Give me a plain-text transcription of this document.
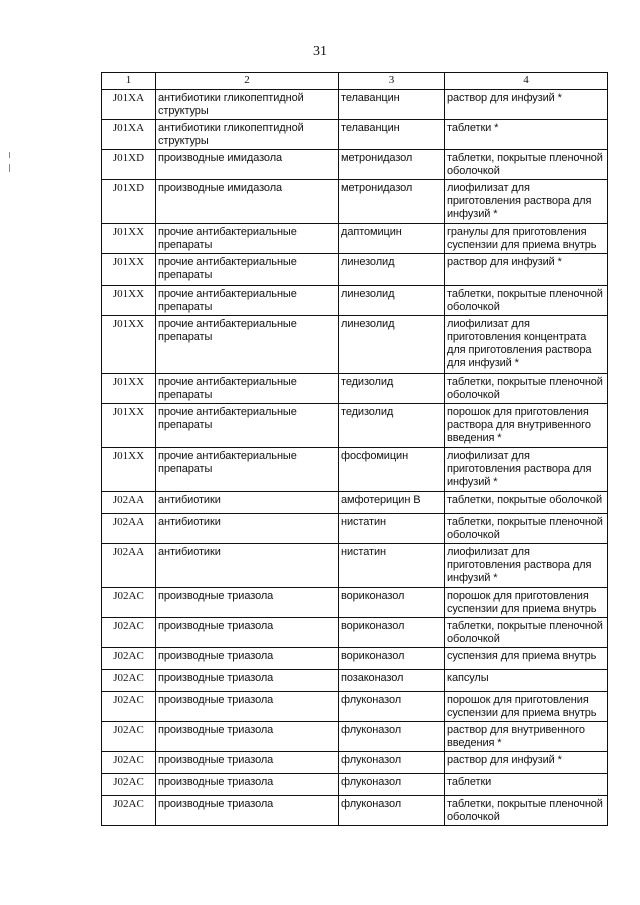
31
1	2	3	4
J01XA	антибиотики гликопептидной структуры	телаванцин	раствор для инфузий *
J01XA	антибиотики гликопептидной структуры	телаванцин	таблетки *
J01XD	производные имидазола	метронидазол	таблетки, покрытые пленочной оболочкой
J01XD	производные имидазола	метронидазол	лиофилизат для приготовления раствора для инфузий *
J01XX	прочие антибактериальные препараты	даптомицин	гранулы для приготовления суспензии для приема внутрь
J01XX	прочие антибактериальные препараты	линезолид	раствор для инфузий *
J01XX	прочие антибактериальные препараты	линезолид	таблетки, покрытые пленочной оболочкой
J01XX	прочие антибактериальные препараты	линезолид	лиофилизат для приготовления концентрата для приготовления раствора для инфузий *
J01XX	прочие антибактериальные препараты	тедизолид	таблетки, покрытые пленочной оболочкой
J01XX	прочие антибактериальные препараты	тедизолид	порошок для приготовления раствора для внутривенного введения *
J01XX	прочие антибактериальные препараты	фосфомицин	лиофилизат для приготовления раствора для инфузий *
J02AA	антибиотики	амфотерицин B	таблетки, покрытые оболочкой
J02AA	антибиотики	нистатин	таблетки, покрытые пленочной оболочкой
J02AA	антибиотики	нистатин	лиофилизат для приготовления раствора для инфузий *
J02AC	производные триазола	вориконазол	порошок для приготовления суспензии для приема внутрь
J02AC	производные триазола	вориконазол	таблетки, покрытые пленочной оболочкой
J02AC	производные триазола	вориконазол	суспензия для приема внутрь
J02AC	производные триазола	позаконазол	капсулы
J02AC	производные триазола	флуконазол	порошок для приготовления суспензии для приема внутрь
J02AC	производные триазола	флуконазол	раствор для внутривенного введения *
J02AC	производные триазола	флуконазол	раствор для инфузий *
J02AC	производные триазола	флуконазол	таблетки
J02AC	производные триазола	флуконазол	таблетки, покрытые пленочной оболочкой
